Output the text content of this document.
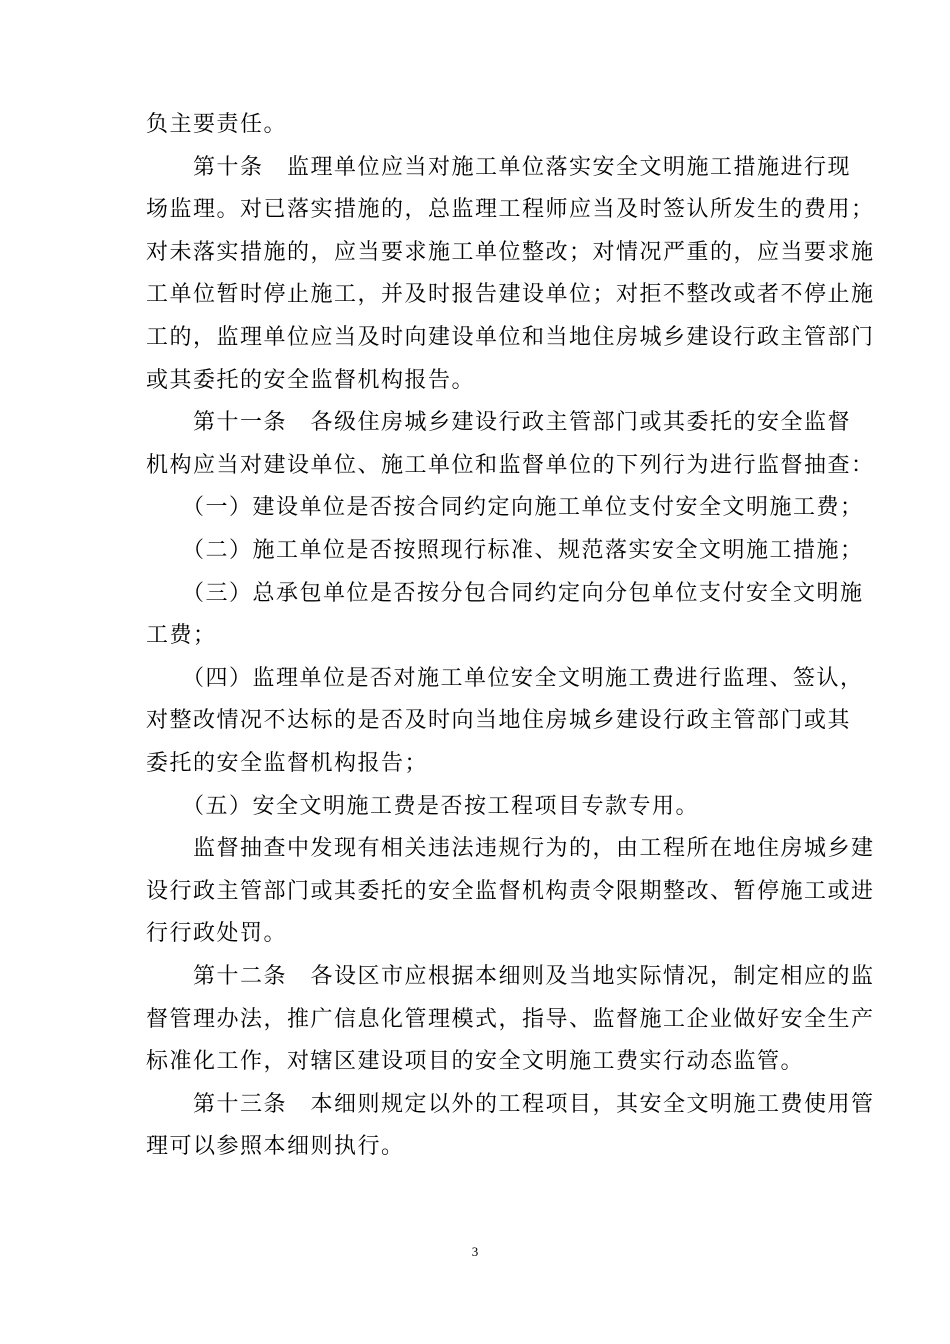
负主要责任。
　　第十条　监理单位应当对施工单位落实安全文明施工措施进行现
场监理。对已落实措施的，总监理工程师应当及时签认所发生的费用；
对未落实措施的，应当要求施工单位整改；对情况严重的，应当要求施
工单位暂时停止施工，并及时报告建设单位；对拒不整改或者不停止施
工的，监理单位应当及时向建设单位和当地住房城乡建设行政主管部门
或其委托的安全监督机构报告。
　　第十一条　各级住房城乡建设行政主管部门或其委托的安全监督
机构应当对建设单位、施工单位和监督单位的下列行为进行监督抽查：
　　（一）建设单位是否按合同约定向施工单位支付安全文明施工费；
　　（二）施工单位是否按照现行标准、规范落实安全文明施工措施；
　　（三）总承包单位是否按分包合同约定向分包单位支付安全文明施
工费；
　　（四）监理单位是否对施工单位安全文明施工费进行监理、签认，
对整改情况不达标的是否及时向当地住房城乡建设行政主管部门或其
委托的安全监督机构报告；
　　（五）安全文明施工费是否按工程项目专款专用。
　　监督抽查中发现有相关违法违规行为的，由工程所在地住房城乡建
设行政主管部门或其委托的安全监督机构责令限期整改、暂停施工或进
行行政处罚。
　　第十二条　各设区市应根据本细则及当地实际情况，制定相应的监
督管理办法，推广信息化管理模式，指导、监督施工企业做好安全生产
标准化工作，对辖区建设项目的安全文明施工费实行动态监管。
　　第十三条　本细则规定以外的工程项目，其安全文明施工费使用管
理可以参照本细则执行。
3
